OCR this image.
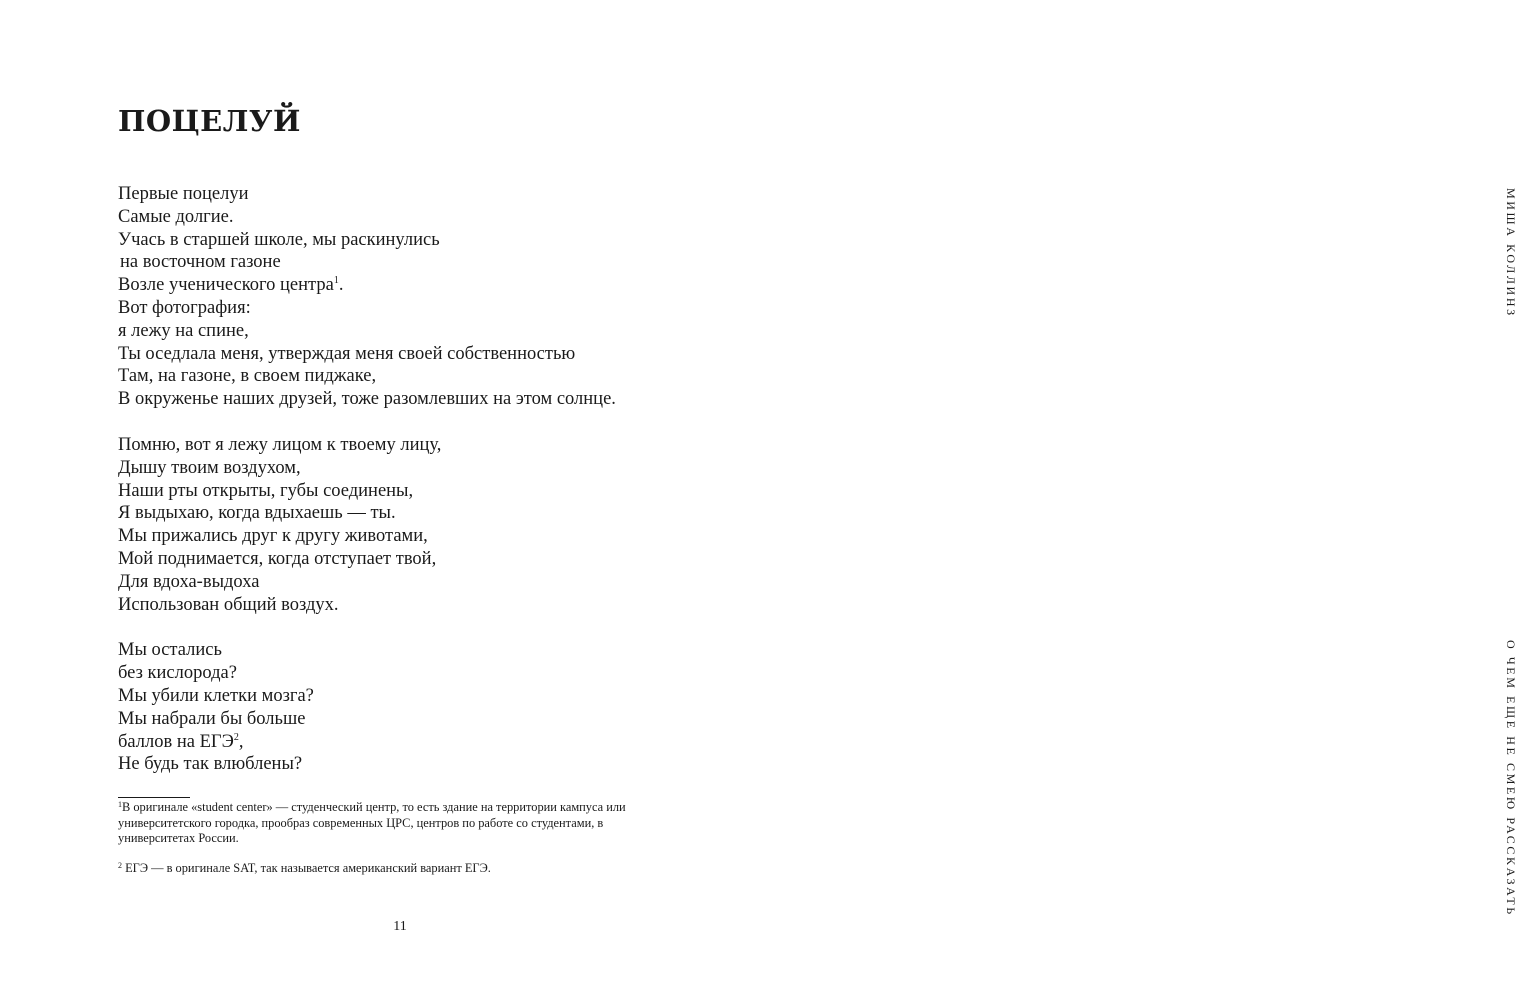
ПОЦЕЛУЙ
Первые поцелуи
Самые долгие.
Учась в старшей школе, мы раскинулись
на восточном газоне
Возле ученического центра$^1$.
Вот фотография:
я лежу на спине,
Ты оседлала меня, утверждая меня своей собственностью
Там, на газоне, в своем пиджаке,
В окруженье наших друзей, тоже разомлевших на этом солнце.
Помню, вот я лежу лицом к твоему лицу,
Дышу твоим воздухом,
Наши рты открыты, губы соединены,
Я выдыхаю, когда вдыхаешь — ты.
Мы прижались друг к другу животами,
Мой поднимается, когда отступает твой,
Для вдоха-выдоха
Использован общий воздух.
Мы остались
без кислорода?
Мы убили клетки мозга?
Мы набрали бы больше
баллов на ЕГЭ$^2$,
Не будь так влюблены?
$^1$В оригинале «student center» — студенческий центр, то есть здание на территории кампуса или университетского городка, прообраз современных ЦРС, центров по работе со студентами, в университетах России.
$^2$ ЕГЭ — в оригинале SAT, так называется американский вариант ЕГЭ.
11
МИША КОЛЛИНЗ
О ЧЕМ ЕЩЕ НЕ СМЕЮ РАССКАЗАТЬ
